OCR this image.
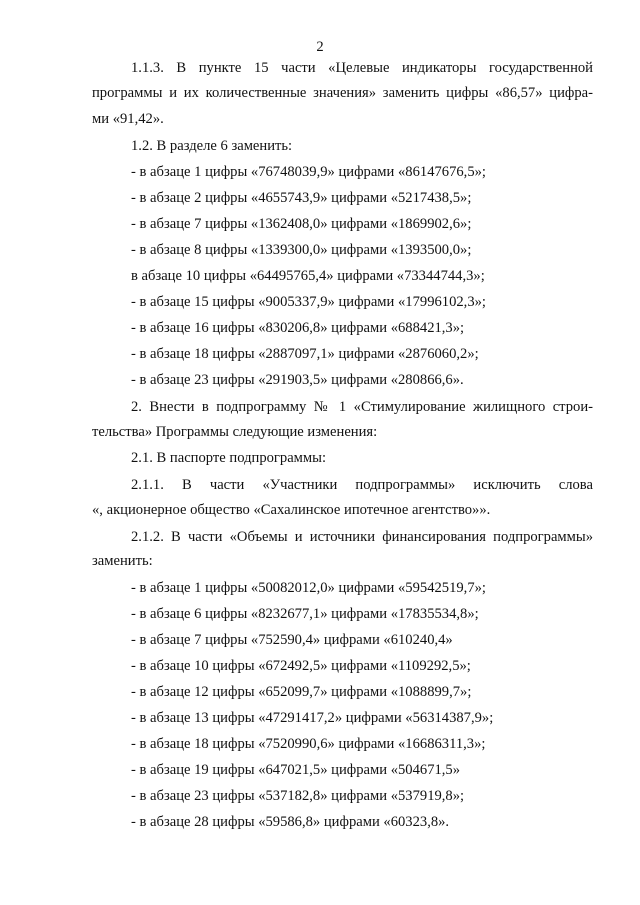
2
1.1.3. В пункте 15 части «Целевые индикаторы государственной
программы и их количественные значения» заменить цифры «86,57» цифра-
ми «91,42».
1.2. В разделе 6 заменить:
- в абзаце 1 цифры «76748039,9» цифрами «86147676,5»;
- в абзаце 2 цифры «4655743,9» цифрами «5217438,5»;
- в абзаце 7 цифры «1362408,0» цифрами «1869902,6»;
- в абзаце 8 цифры «1339300,0» цифрами «1393500,0»;
в абзаце 10 цифры «64495765,4» цифрами «73344744,3»;
- в абзаце 15 цифры «9005337,9» цифрами «17996102,3»;
- в абзаце 16 цифры «830206,8» цифрами «688421,3»;
- в абзаце 18 цифры «2887097,1» цифрами «2876060,2»;
- в абзаце 23 цифры «291903,5» цифрами «280866,6».
2. Внести в подпрограмму № 1 «Стимулирование жилищного строи-
тельства» Программы следующие изменения:
2.1. В паспорте подпрограммы:
2.1.1. В части «Участники подпрограммы» исключить слова
«, акционерное общество «Сахалинское ипотечное агентство»».
2.1.2. В части «Объемы и источники финансирования подпрограммы»
заменить:
- в абзаце 1 цифры «50082012,0» цифрами «59542519,7»;
- в абзаце 6 цифры «8232677,1» цифрами «17835534,8»;
- в абзаце 7 цифры «752590,4» цифрами «610240,4»
- в абзаце 10 цифры «672492,5» цифрами «1109292,5»;
- в абзаце 12 цифры «652099,7» цифрами «1088899,7»;
- в абзаце 13 цифры «47291417,2» цифрами «56314387,9»;
- в абзаце 18 цифры «7520990,6» цифрами «16686311,3»;
- в абзаце 19 цифры «647021,5» цифрами «504671,5»
- в абзаце 23 цифры «537182,8» цифрами «537919,8»;
- в абзаце 28 цифры «59586,8» цифрами «60323,8».
